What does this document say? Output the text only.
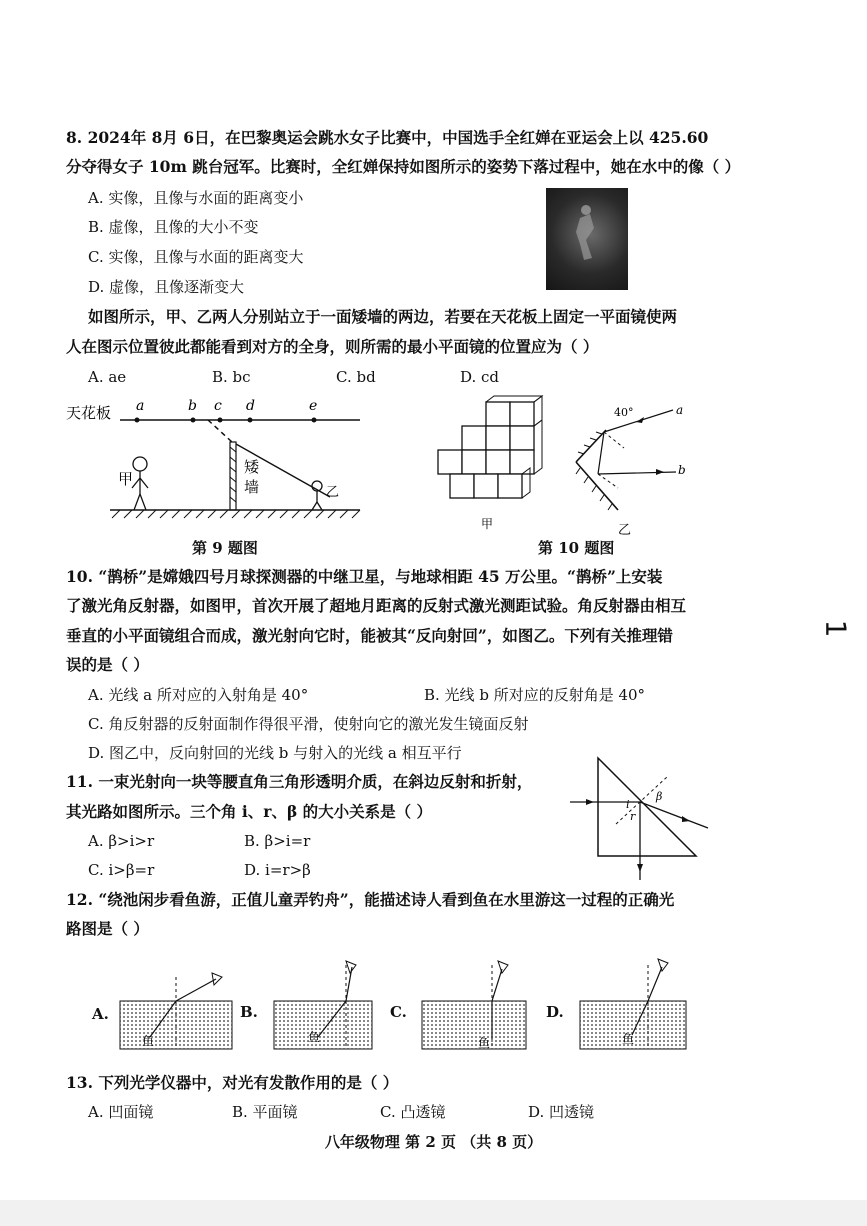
8. 2024年 8月 6日，在巴黎奥运会跳水女子比赛中，中国选手全红婵在亚运会上以 425.60
分夺得女子 10m 跳台冠军。比赛时，全红婵保持如图所示的姿势下落过程中，她在水中的像（ ）
A. 实像，且像与水面的距离变小
B. 虚像，且像的大小不变
C. 实像，且像与水面的距离变大
D. 虚像，且像逐渐变大
如图所示，甲、乙两人分别站立于一面矮墙的两边，若要在天花板上固定一平面镜使两
人在图示位置彼此都能看到对方的全身，则所需的最小平面镜的位置应为（ ）
A. ae	B. bc	C. bd	D. cd
天花板 a	b c d	e
矮
墙
甲
乙
第 9 题图
甲
40°	a
b
乙
第 10 题图
10. “鹊桥”是嫦娥四号月球探测器的中继卫星，与地球相距 45 万公里。“鹊桥”上安装
了激光角反射器，如图甲，首次开展了超地月距离的反射式激光测距试验。角反射器由相互
垂直的小平面镜组合而成，激光射向它时，能被其“反向射回”，如图乙。下列有关推理错
误的是（ ）
A. 光线 a 所对应的入射角是 40°	B. 光线 b 所对应的反射角是 40°
C. 角反射器的反射面制作得很平滑，使射向它的激光发生镜面反射
D. 图乙中，反向射回的光线 b 与射入的光线 a 相互平行
11. 一束光射向一块等腰直角三角形透明介质，在斜边反射和折射，
其光路如图所示。三个角 i、r、β 的大小关系是（ ）
A. β>i>r	B. β>i=r
C. i>β=r	D. i=r>β
i
r
β
12. “绕池闲步看鱼游，正值儿童弄钓舟”，能描述诗人看到鱼在水里游这一过程的正确光
路图是（ ）
A.	B.	C.	D.
鱼	鱼	鱼	鱼
13. 下列光学仪器中，对光有发散作用的是（ ）
A. 凹面镜	B. 平面镜	C. 凸透镜	D. 凹透镜
八年级物理 第 2 页 （共 8 页）
1
